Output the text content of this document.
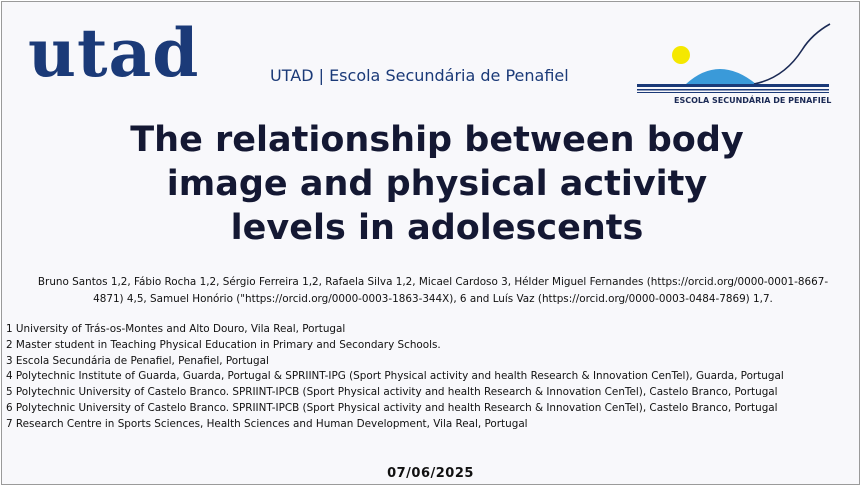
utad	UTAD | Escola Secundária de Penafiel
ESCOLA SECUNDÁRIA DE PENAFIEL
The relationship between body
image and physical activity
levels in adolescents
Bruno Santos 1,2, Fábio Rocha 1,2, Sérgio Ferreira 1,2, Rafaela Silva 1,2, Micael Cardoso 3, Hélder Miguel Fernandes (https://orcid.org/0000-0001-8667-
4871) 4,5, Samuel Honório ("https://orcid.org/0000-0003-1863-344X), 6 and Luís Vaz (https://orcid.org/0000-0003-0484-7869) 1,7.
1 University of Trás-os-Montes and Alto Douro, Vila Real, Portugal
2 Master student in Teaching Physical Education in Primary and Secondary Schools.
3 Escola Secundária de Penafiel, Penafiel, Portugal
4 Polytechnic Institute of Guarda, Guarda, Portugal & SPRIINT-IPG (Sport Physical activity and health Research & Innovation CenTel), Guarda, Portugal
5 Polytechnic University of Castelo Branco. SPRIINT-IPCB (Sport Physical activity and health Research & Innovation CenTel), Castelo Branco, Portugal
6 Polytechnic University of Castelo Branco. SPRIINT-IPCB (Sport Physical activity and health Research & Innovation CenTel), Castelo Branco, Portugal
7 Research Centre in Sports Sciences, Health Sciences and Human Development, Vila Real, Portugal
07/06/2025
